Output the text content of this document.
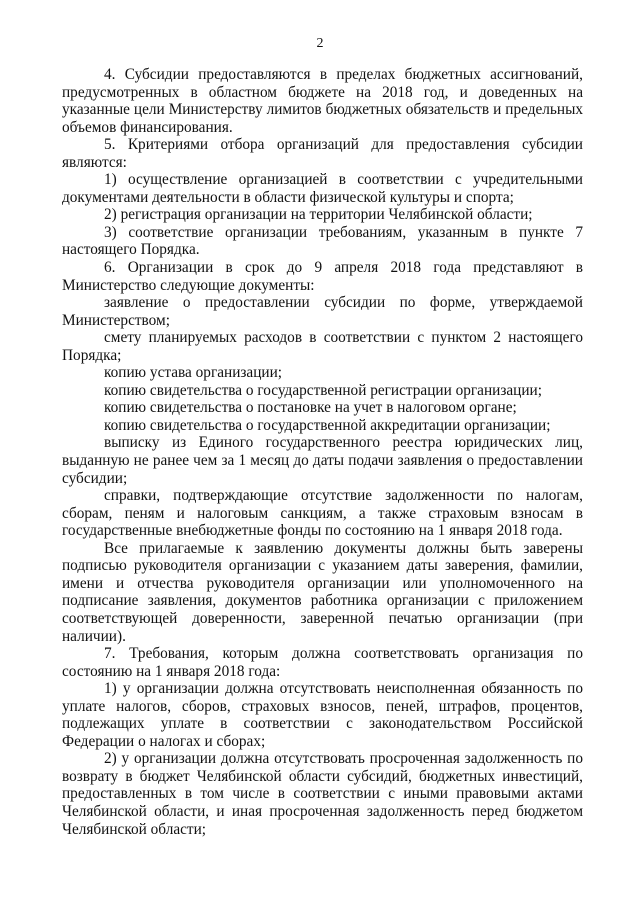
2

4. Субсидии предоставляются в пределах бюджетных ассигнований, предусмотренных в областном бюджете на 2018 год, и доведенных на указанные цели Министерству лимитов бюджетных обязательств и предельных объемов финансирования.

5. Критериями отбора организаций для предоставления субсидии являются:

1) осуществление организацией в соответствии с учредительными документами деятельности в области физической культуры и спорта;

2) регистрация организации на территории Челябинской области;

3) соответствие организации требованиям, указанным в пункте 7 настоящего Порядка.

6. Организации в срок до 9 апреля 2018 года представляют в Министерство следующие документы:

заявление о предоставлении субсидии по форме, утверждаемой Министерством;

смету планируемых расходов в соответствии с пунктом 2 настоящего Порядка;

копию устава организации;

копию свидетельства о государственной регистрации организации;

копию свидетельства о постановке на учет в налоговом органе;

копию свидетельства о государственной аккредитации организации;

выписку из Единого государственного реестра юридических лиц, выданную не ранее чем за 1 месяц до даты подачи заявления о предоставлении субсидии;

справки, подтверждающие отсутствие задолженности по налогам, сборам, пеням и налоговым санкциям, а также страховым взносам в государственные внебюджетные фонды по состоянию на 1 января 2018 года.

Все прилагаемые к заявлению документы должны быть заверены подписью руководителя организации с указанием даты заверения, фамилии, имени и отчества руководителя организации или уполномоченного на подписание заявления, документов работника организации с приложением соответствующей доверенности, заверенной печатью организации (при наличии).

7. Требования, которым должна соответствовать организация по состоянию на 1 января 2018 года:

1) у организации должна отсутствовать неисполненная обязанность по уплате налогов, сборов, страховых взносов, пеней, штрафов, процентов, подлежащих уплате в соответствии с законодательством Российской Федерации о налогах и сборах;

2) у организации должна отсутствовать просроченная задолженность по возврату в бюджет Челябинской области субсидий, бюджетных инвестиций, предоставленных в том числе в соответствии с иными правовыми актами Челябинской области, и иная просроченная задолженность перед бюджетом Челябинской области;
